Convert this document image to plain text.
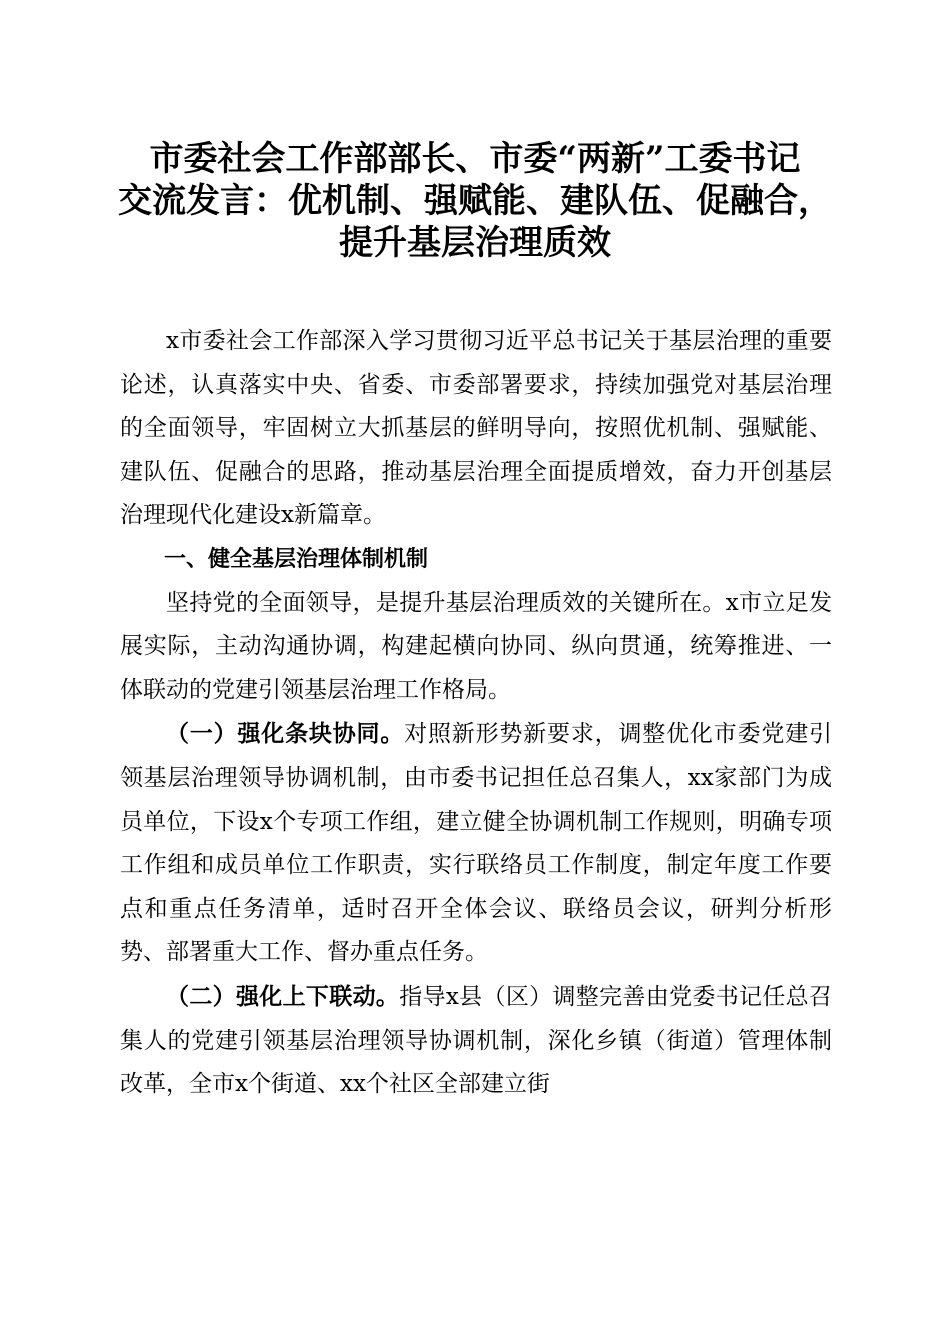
市委社会工作部部长、市委“两新”工委书记
交流发言：优机制、强赋能、建队伍、促融合，
提升基层治理质效

x市委社会工作部深入学习贯彻习近平总书记关于基层治理的重要论述，认真落实中央、省委、市委部署要求，持续加强党对基层治理的全面领导，牢固树立大抓基层的鲜明导向，按照优机制、强赋能、建队伍、促融合的思路，推动基层治理全面提质增效，奋力开创基层治理现代化建设x新篇章。

一、健全基层治理体制机制

坚持党的全面领导，是提升基层治理质效的关键所在。x市立足发展实际，主动沟通协调，构建起横向协同、纵向贯通，统筹推进、一体联动的党建引领基层治理工作格局。

（一）强化条块协同。对照新形势新要求，调整优化市委党建引领基层治理领导协调机制，由市委书记担任总召集人，xx家部门为成员单位，下设x个专项工作组，建立健全协调机制工作规则，明确专项工作组和成员单位工作职责，实行联络员工作制度，制定年度工作要点和重点任务清单，适时召开全体会议、联络员会议，研判分析形势、部署重大工作、督办重点任务。

（二）强化上下联动。指导x县（区）调整完善由党委书记任总召集人的党建引领基层治理领导协调机制，深化乡镇（街道）管理体制改革，全市x个街道、xx个社区全部建立街
